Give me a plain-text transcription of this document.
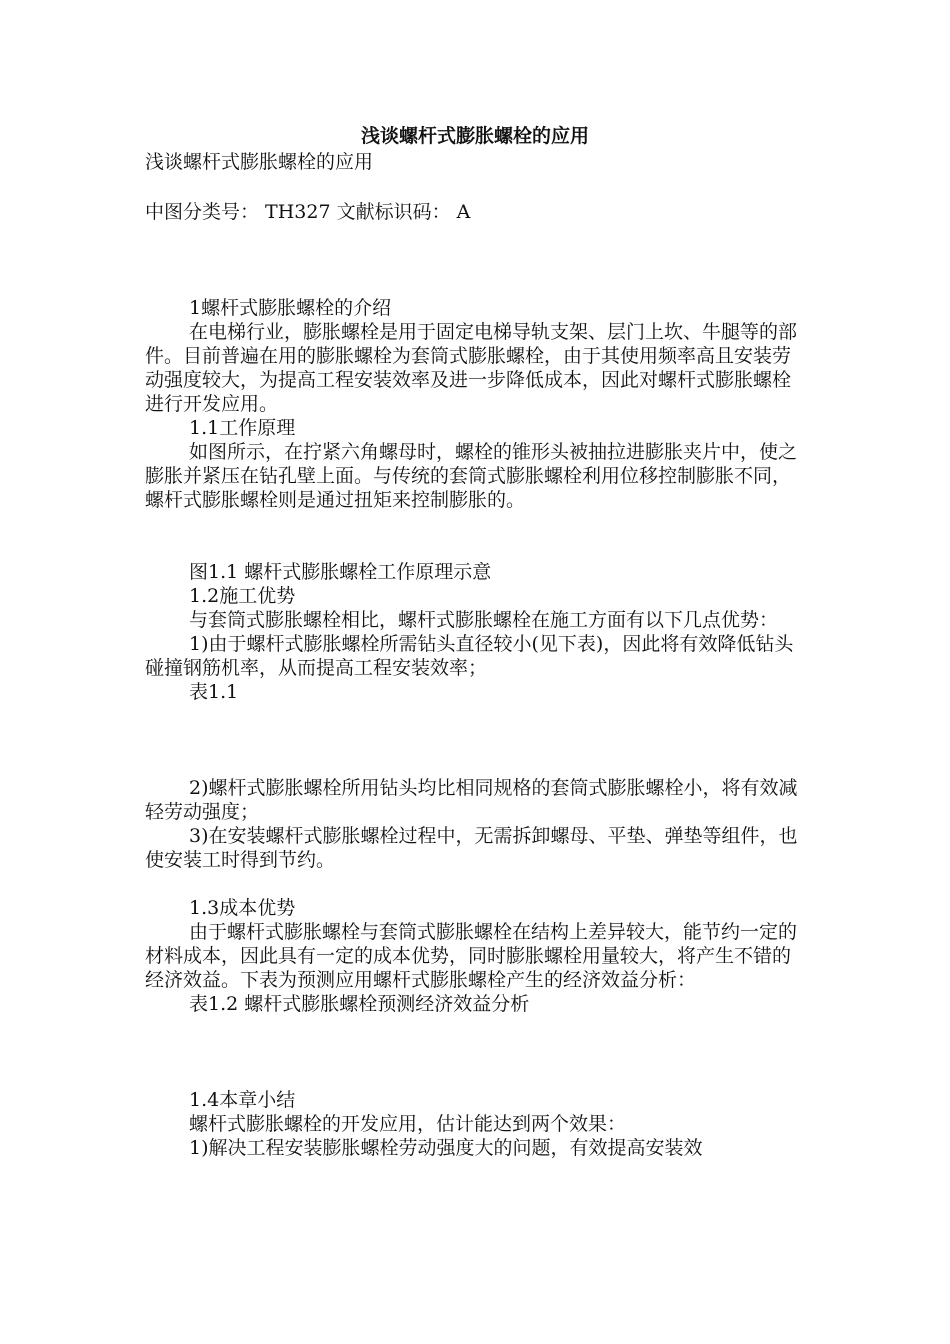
浅谈螺杆式膨胀螺栓的应用

浅谈螺杆式膨胀螺栓的应用

中图分类号： TH327 文献标识码： A

1螺杆式膨胀螺栓的介绍

在电梯行业，膨胀螺栓是用于固定电梯导轨支架、层门上坎、牛腿等的部件。目前普遍在用的膨胀螺栓为套筒式膨胀螺栓，由于其使用频率高且安装劳动强度较大，为提高工程安装效率及进一步降低成本，因此对螺杆式膨胀螺栓进行开发应用。

1.1工作原理

如图所示，在拧紧六角螺母时，螺栓的锥形头被抽拉进膨胀夹片中，使之膨胀并紧压在钻孔壁上面。与传统的套筒式膨胀螺栓利用位移控制膨胀不同，螺杆式膨胀螺栓则是通过扭矩来控制膨胀的。

图1.1 螺杆式膨胀螺栓工作原理示意

1.2施工优势

与套筒式膨胀螺栓相比，螺杆式膨胀螺栓在施工方面有以下几点优势：

1)由于螺杆式膨胀螺栓所需钻头直径较小(见下表)，因此将有效降低钻头碰撞钢筋机率，从而提高工程安装效率；

表1.1

2)螺杆式膨胀螺栓所用钻头均比相同规格的套筒式膨胀螺栓小，将有效减轻劳动强度；

3)在安装螺杆式膨胀螺栓过程中，无需拆卸螺母、平垫、弹垫等组件，也使安装工时得到节约。

1.3成本优势

由于螺杆式膨胀螺栓与套筒式膨胀螺栓在结构上差异较大，能节约一定的材料成本，因此具有一定的成本优势，同时膨胀螺栓用量较大，将产生不错的经济效益。下表为预测应用螺杆式膨胀螺栓产生的经济效益分析：

表1.2 螺杆式膨胀螺栓预测经济效益分析

1.4本章小结

螺杆式膨胀螺栓的开发应用，估计能达到两个效果：

1)解决工程安装膨胀螺栓劳动强度大的问题，有效提高安装效
